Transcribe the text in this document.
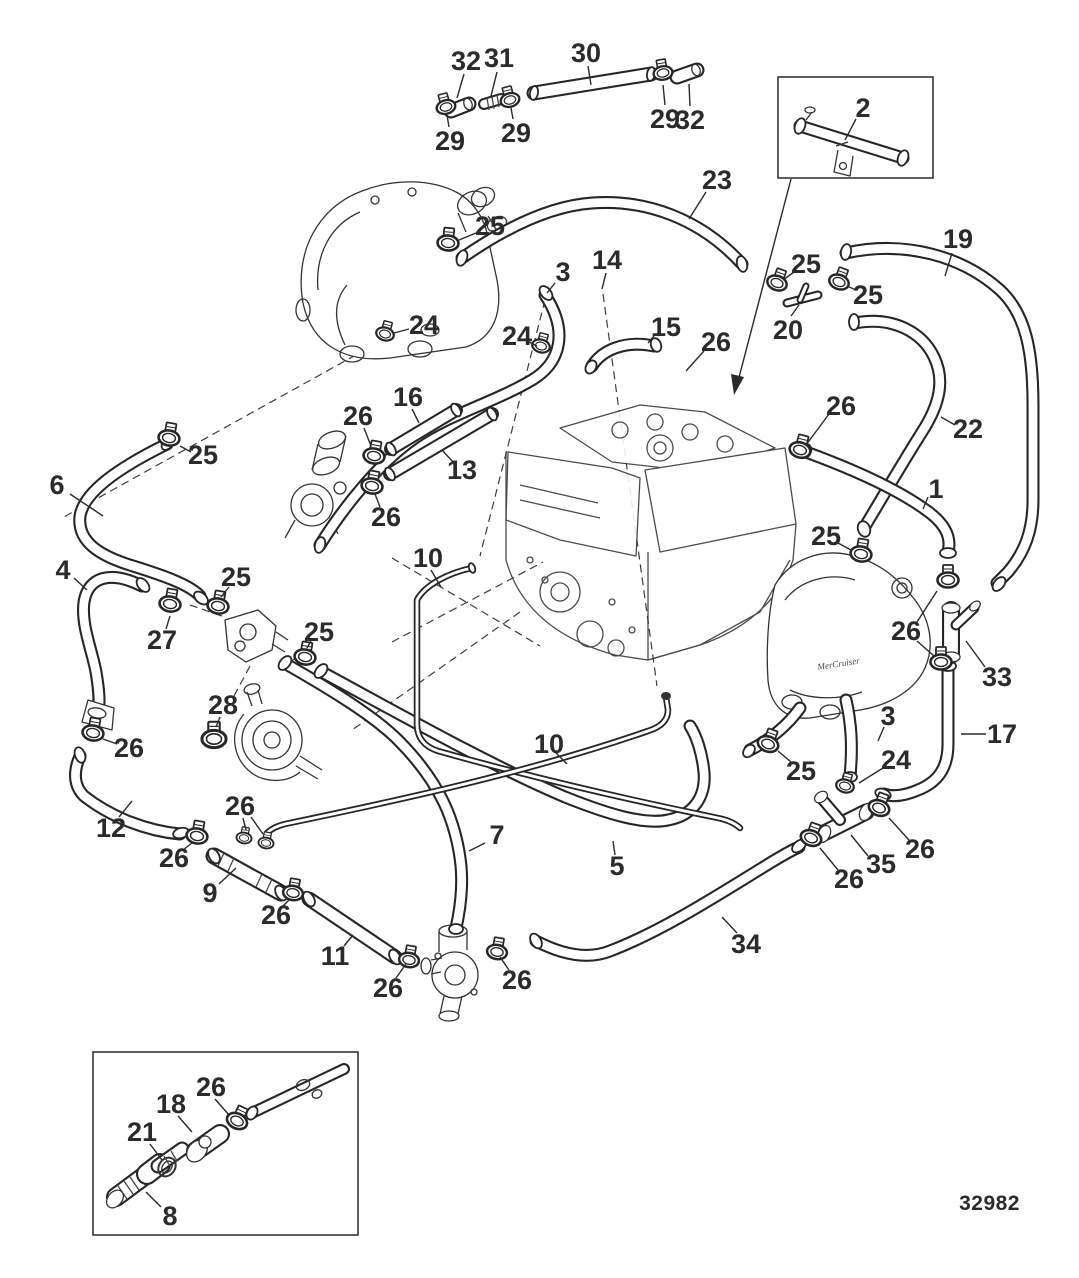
MerCruiser
32 31 30
29 29	29
32	2
23
25
24
3 14
24	15 26
25
20
25
26
19
22
1
6
25
4
27
25
25
28
26
12
26
9
26
26
11
26	26
7
5
10
10
34
25 24
35
26
26
3
17
26
33
25
16
26
13
26
26
18
21
8	32982
